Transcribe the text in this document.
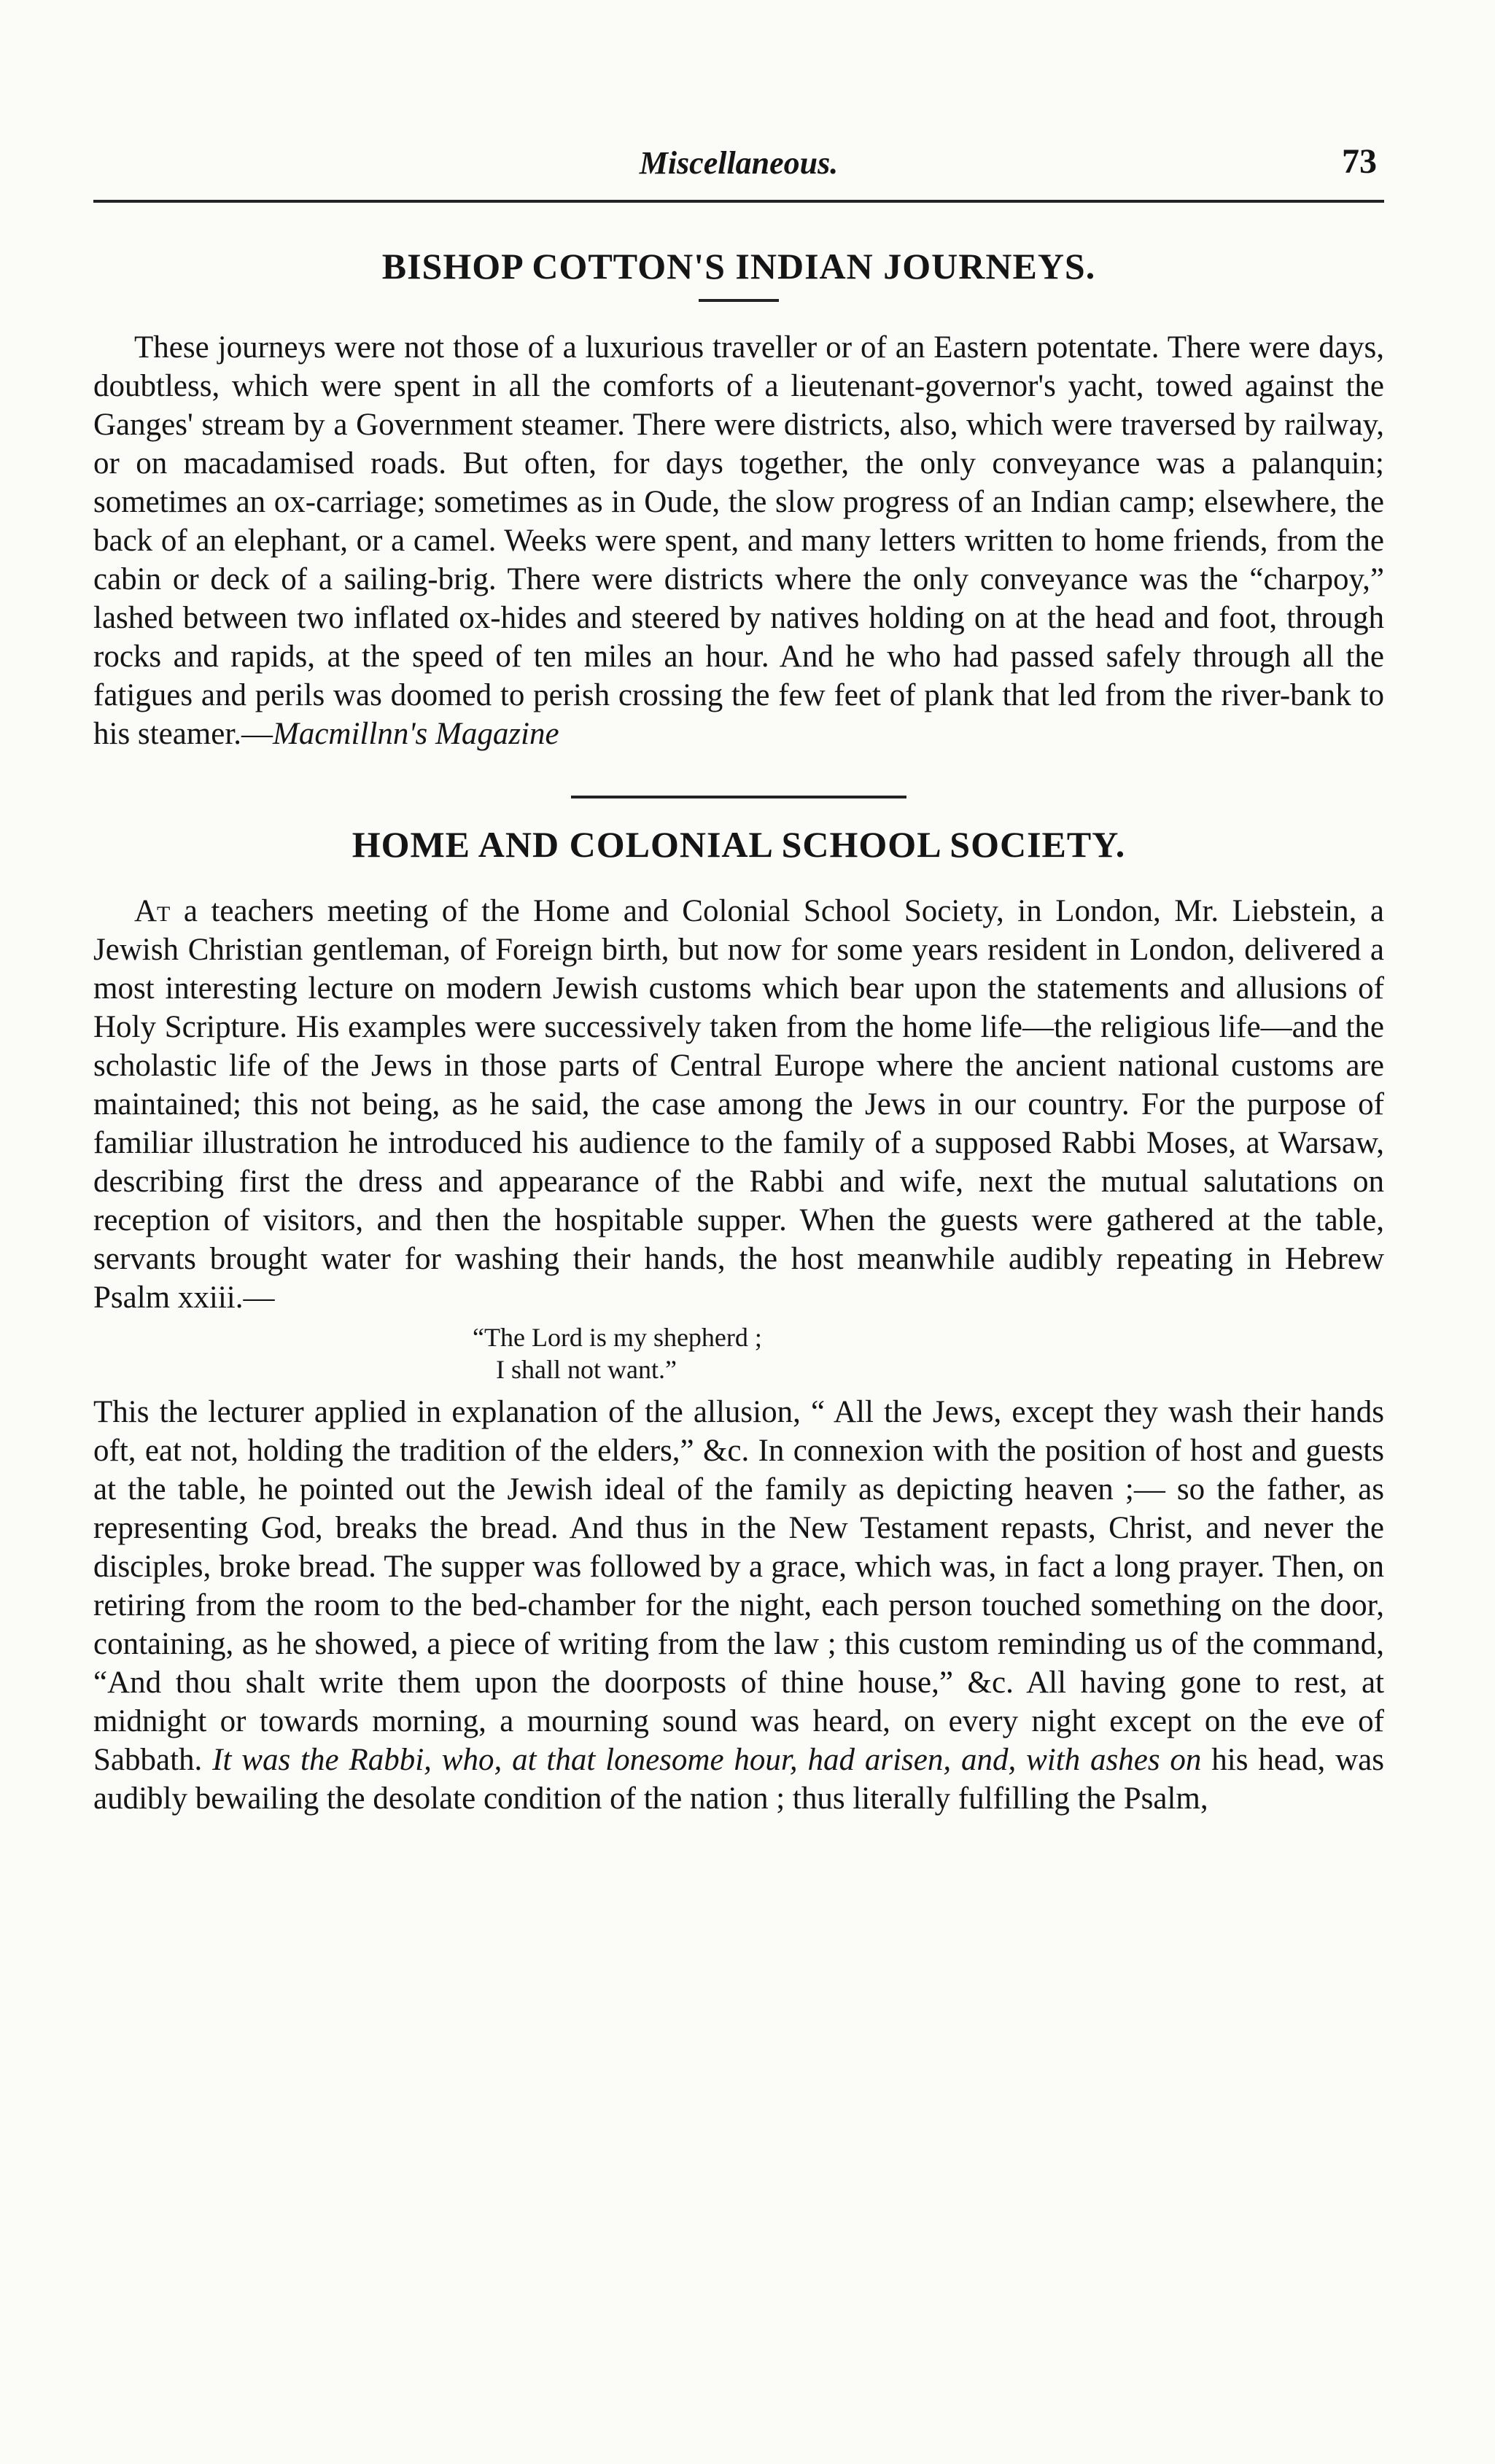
Miscellaneous.	73
BISHOP COTTON'S INDIAN JOURNEYS.

These journeys were not those of a luxurious traveller or of an Eastern potentate. There were days, doubtless, which were spent in all the comforts of a lieutenant-governor's yacht, towed against the Ganges' stream by a Government steamer. There were districts, also, which were traversed by railway, or on macadamised roads. But often, for days together, the only conveyance was a palanquin; sometimes an ox-carriage; sometimes as in Oude, the slow progress of an Indian camp; elsewhere, the back of an elephant, or a camel. Weeks were spent, and many letters written to home friends, from the cabin or deck of a sailing-brig. There were districts where the only conveyance was the “charpoy,” lashed between two inflated ox-hides and steered by natives holding on at the head and foot, through rocks and rapids, at the speed of ten miles an hour. And he who had passed safely through all the fatigues and perils was doomed to perish crossing the few feet of plank that led from the river-bank to his steamer.—Macmillnn's Magazine

HOME AND COLONIAL SCHOOL SOCIETY.

At a teachers meeting of the Home and Colonial School Society, in London, Mr. Liebstein, a Jewish Christian gentleman, of Foreign birth, but now for some years resident in London, delivered a most interesting lecture on modern Jewish customs which bear upon the statements and allusions of Holy Scripture. His examples were successively taken from the home life—the religious life—and the scholastic life of the Jews in those parts of Central Europe where the ancient national customs are maintained; this not being, as he said, the case among the Jews in our country. For the purpose of familiar illustration he introduced his audience to the family of a supposed Rabbi Moses, at Warsaw, describing first the dress and appearance of the Rabbi and wife, next the mutual salutations on reception of visitors, and then the hospitable supper. When the guests were gathered at the table, servants brought water for washing their hands, the host meanwhile audibly repeating in Hebrew Psalm xxiii.—

“The Lord is my shepherd ;
I shall not want.”

This the lecturer applied in explanation of the allusion, “ All the Jews, except they wash their hands oft, eat not, holding the tradition of the elders,” &c. In connexion with the position of host and guests at the table, he pointed out the Jewish ideal of the family as depicting heaven ;— so the father, as representing God, breaks the bread. And thus in the New Testament repasts, Christ, and never the disciples, broke bread. The supper was followed by a grace, which was, in fact a long prayer. Then, on retiring from the room to the bed-chamber for the night, each person touched something on the door, containing, as he showed, a piece of writing from the law ; this custom reminding us of the command, “And thou shalt write them upon the doorposts of thine house,” &c. All having gone to rest, at midnight or towards morning, a mourning sound was heard, on every night except on the eve of Sabbath. It was the Rabbi, who, at that lonesome hour, had arisen, and, with ashes on his head, was audibly bewailing the desolate condition of the nation ; thus literally fulfilling the Psalm,
